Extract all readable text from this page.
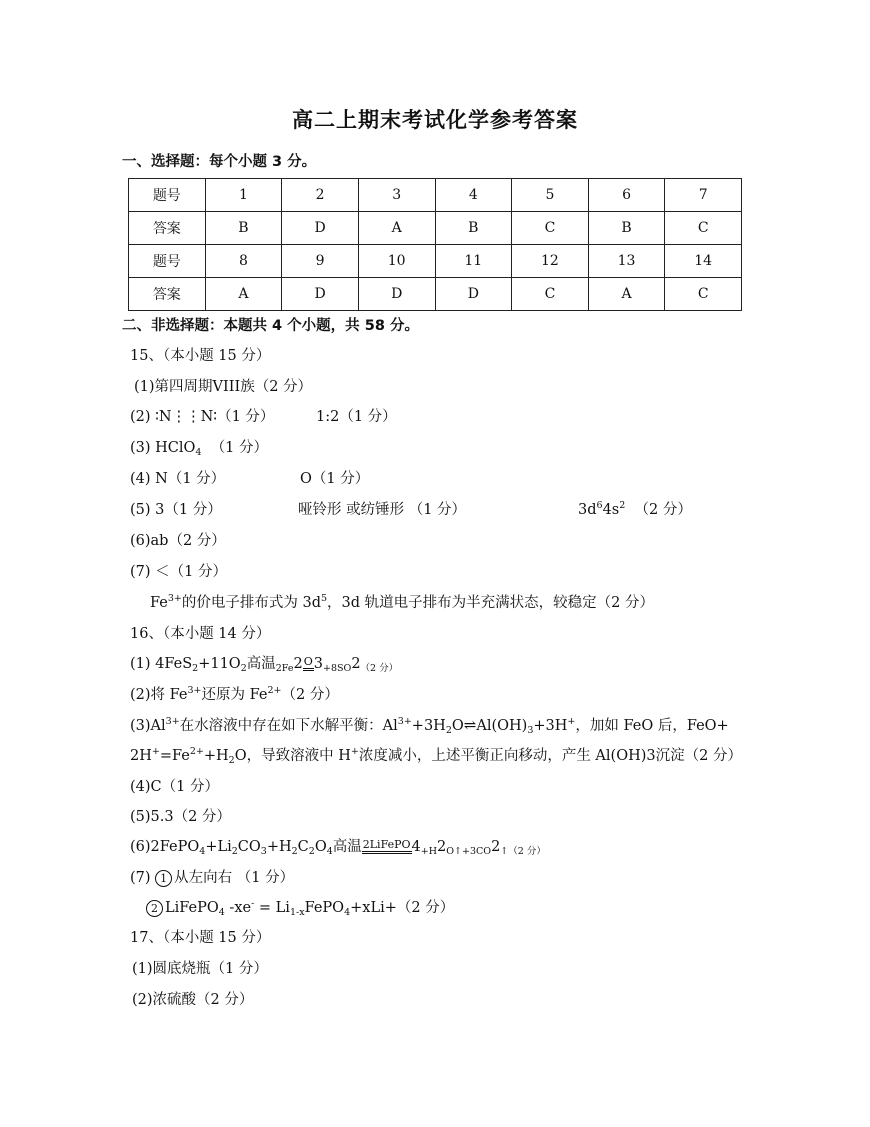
高二上期末考试化学参考答案
一、选择题：每个小题 3 分。
题号	1	2	3	4	5	6	7
答案	B	D	A	B	C	B	C
题号	8	9	10	11	12	13	14
答案	A	D	D	D	C	A	C
二、非选择题：本题共 4 个小题，共 58 分。
15、（本小题 15 分）
(1)第四周期VIII族（2 分）
(2) ∶N⋮⋮N∶（1 分）	1:2（1 分）
(3) HClO$_4$ （1 分）
(4) N（1 分）	O（1 分）
(5) 3（1 分）	哑铃形 或纺锤形 （1 分）	$3d^64s^2$ （2 分）
(6)ab（2 分）
(7) ＜（1 分）
$Fe^{3+}$的价电子排布式为 $3d^5$，3d 轨道电子排布为半充满状态，较稳定（2 分）
16、（本小题 14 分）
(1) $4FeS_2+11O_2$高温$_{2Fe}2O3_{+8SO}2_{(2 分)}$
(2)将 $Fe^{3+}$还原为 $Fe^{2+}(2$ 分）
$(3)Al^{3+}$在水溶液中存在如下水解平衡：$Al^{3+}+3H_2O\rightleftharpoons Al(OH)_3+3H^+$，加如 FeO 后，FeO+
$2H^+=Fe^{2+}+H_2O$，导致溶液中 H+浓度减小，上述平衡正向移动，产生 Al(OH)3沉淀（2 分）
(4)C（1 分）
(5)5.3（2 分）
$(6)2FePO_4+Li_2CO_3+H_2C_2O_4$高温$2LiFePO4_{+H}2_{O↑+3CO}2_{↑(2 分)}$
(7) 1 从左向右 （1 分）
2 LiFePO$_4$ $-xe^- = Li_{1-x}FePO_4+xLi+(2$ 分）
17、（本小题 15 分）
(1)圆底烧瓶（1 分）
(2)浓硫酸（2 分）
